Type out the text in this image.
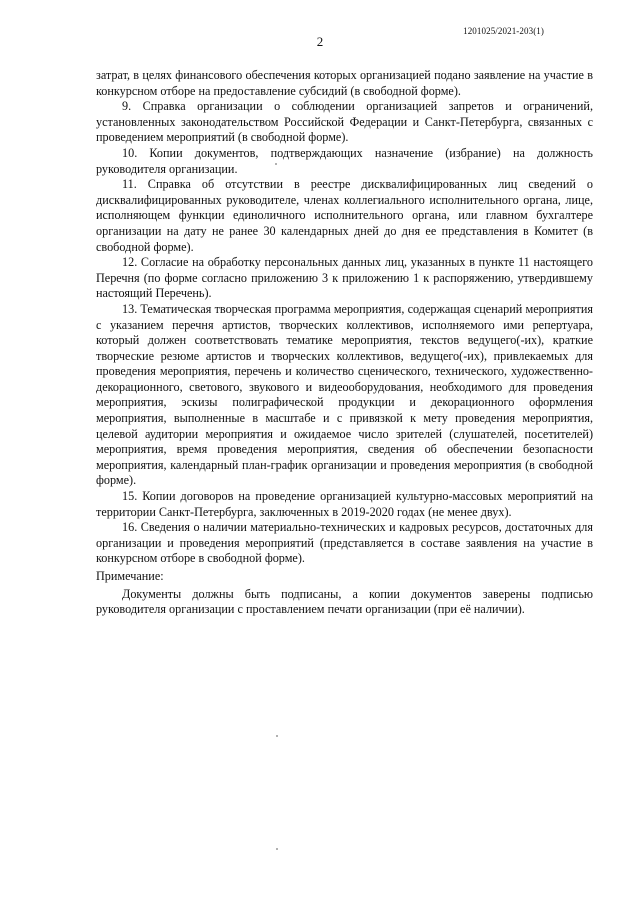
2
1201025/2021-203(1)

затрат, в целях финансового обеспечения которых организацией подано заявление на участие в конкурсном отборе на предоставление субсидий (в свободной форме).

9. Справка организации о соблюдении организацией запретов и ограничений, установленных законодательством Российской Федерации и Санкт-Петербурга, связанных с проведением мероприятий (в свободной форме).

10. Копии документов, подтверждающих назначение (избрание) на должность руководителя организации.

11. Справка об отсутствии в реестре дисквалифицированных лиц сведений о дисквалифицированных руководителе, членах коллегиального исполнительного органа, лице, исполняющем функции единоличного исполнительного органа, или главном бухгалтере организации на дату не ранее 30 календарных дней до дня ее представления в Комитет (в свободной форме).

12. Согласие на обработку персональных данных лиц, указанных в пункте 11 настоящего Перечня (по форме согласно приложению 3 к приложению 1 к распоряжению, утвердившему настоящий Перечень).

13. Тематическая творческая программа мероприятия, содержащая сценарий мероприятия с указанием перечня артистов, творческих коллективов, исполняемого ими репертуара, который должен соответствовать тематике мероприятия, текстов ведущего(-их), краткие творческие резюме артистов и творческих коллективов, ведущего(-их), привлекаемых для проведения мероприятия, перечень и количество сценического, технического, художественно-декорационного, светового, звукового и видеооборудования, необходимого для проведения мероприятия, эскизы полиграфической продукции и декорационного оформления мероприятия, выполненные в масштабе и с привязкой к мету проведения мероприятия, целевой аудитории мероприятия и ожидаемое число зрителей (слушателей, посетителей) мероприятия, время проведения мероприятия, сведения об обеспечении безопасности мероприятия, календарный план-график организации и проведения мероприятия (в свободной форме).

15. Копии договоров на проведение организацией культурно-массовых мероприятий на территории Санкт-Петербурга, заключенных в 2019-2020 годах (не менее двух).

16. Сведения о наличии материально-технических и кадровых ресурсов, достаточных для организации и проведения мероприятий (представляется в составе заявления на участие в конкурсном отборе в свободной форме).

Примечание:

Документы должны быть подписаны, а копии документов заверены подписью руководителя организации с проставлением печати организации (при её наличии).
